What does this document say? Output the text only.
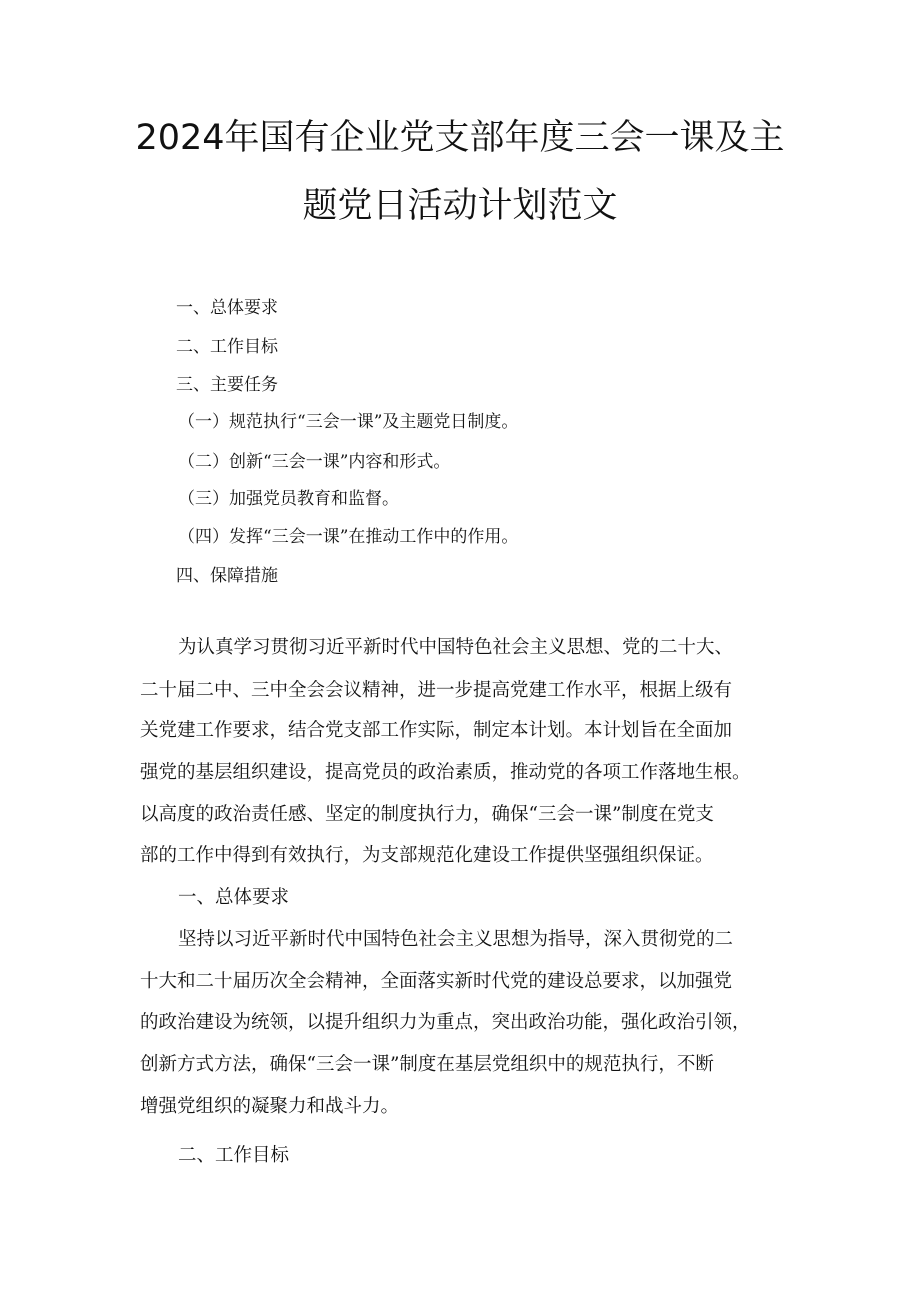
2024年国有企业党支部年度三会一课及主
题党日活动计划范文
一、总体要求
二、工作目标
三、主要任务
（一）规范执行“三会一课”及主题党日制度。
（二）创新“三会一课”内容和形式。
（三）加强党员教育和监督。
（四）发挥“三会一课”在推动工作中的作用。
四、保障措施
为认真学习贯彻习近平新时代中国特色社会主义思想、党的二十大、
二十届二中、三中全会会议精神，进一步提高党建工作水平，根据上级有
关党建工作要求，结合党支部工作实际，制定本计划。本计划旨在全面加
强党的基层组织建设，提高党员的政治素质，推动党的各项工作落地生根。
以高度的政治责任感、坚定的制度执行力，确保“三会一课”制度在党支
部的工作中得到有效执行，为支部规范化建设工作提供坚强组织保证。
一、总体要求
坚持以习近平新时代中国特色社会主义思想为指导，深入贯彻党的二
十大和二十届历次全会精神，全面落实新时代党的建设总要求，以加强党
的政治建设为统领，以提升组织力为重点，突出政治功能，强化政治引领，
创新方式方法，确保“三会一课”制度在基层党组织中的规范执行，不断
增强党组织的凝聚力和战斗力。
二、工作目标
